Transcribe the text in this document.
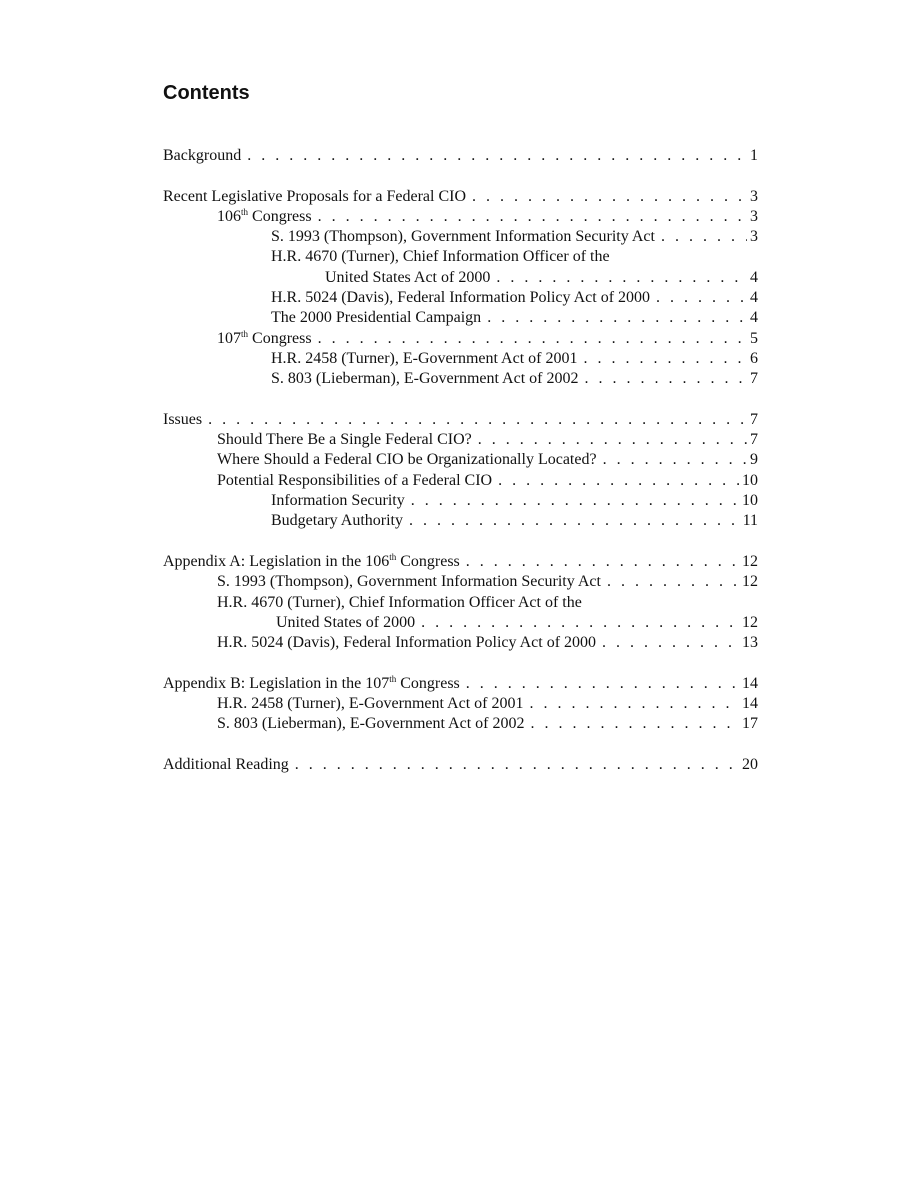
Contents
Background . . .	1
Recent Legislative Proposals for a Federal CIO . . .	3
106th Congress . . .	3
S. 1993 (Thompson), Government Information Security Act . . .	3
H.R. 4670 (Turner), Chief Information Officer of the
United States Act of 2000 . . .	4
H.R. 5024 (Davis), Federal Information Policy Act of 2000 . . .	4
The 2000 Presidential Campaign . . .	4
107th Congress . . .	5
H.R. 2458 (Turner), E-Government Act of 2001 . . .	6
S. 803 (Lieberman), E-Government Act of 2002 . . .	7
Issues . . .	7
Should There Be a Single Federal CIO? . . .	7
Where Should a Federal CIO be Organizationally Located? . . .	9
Potential Responsibilities of a Federal CIO . . .	10
Information Security . . .	10
Budgetary Authority . . .	11
Appendix A: Legislation in the 106th Congress . . .	12
S. 1993 (Thompson), Government Information Security Act . . .	12
H.R. 4670 (Turner), Chief Information Officer Act of the
United States of 2000 . . .	12
H.R. 5024 (Davis), Federal Information Policy Act of 2000 . . .	13
Appendix B: Legislation in the 107th Congress . . .	14
H.R. 2458 (Turner), E-Government Act of 2001 . . .	14
S. 803 (Lieberman), E-Government Act of 2002 . . .	17
Additional Reading . . .	20
